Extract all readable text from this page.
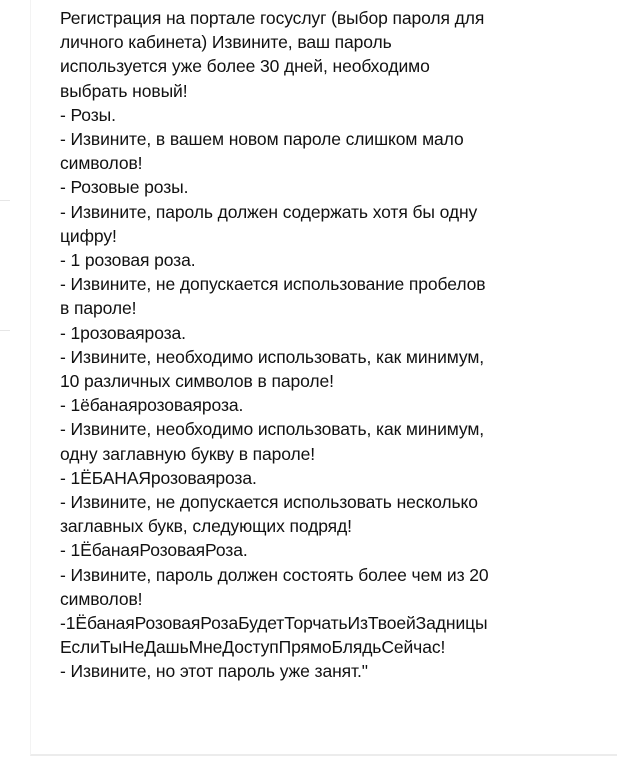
Регистрация на портале госуслуг (выбор пароля для
личного кабинета) Извините, ваш пароль
используется уже более 30 дней, необходимо
выбрать новый!
- Розы.
- Извините, в вашем новом пароле слишком мало
символов!
- Розовые розы.
- Извините, пароль должен содержать хотя бы одну
цифру!
- 1 розовая роза.
- Извините, не допускается использование пробелов
в пароле!
- 1розоваяроза.
- Извините, необходимо использовать, как минимум,
10 различных символов в пароле!
- 1ёбанаярозоваяроза.
- Извините, необходимо использовать, как минимум,
одну заглавную букву в пароле!
- 1ЁБАНАЯрозоваяроза.
- Извините, не допускается использовать несколько
заглавных букв, следующих подряд!
- 1ЁбанаяРозоваяРоза.
- Извините, пароль должен состоять более чем из 20
символов!
-1ЁбанаяРозоваяРозаБудетТорчатьИзТвоейЗадницы
ЕслиТыНеДашьМнеДоступПрямоБлядьСейчас!
- Извините, но этот пароль уже занят."
